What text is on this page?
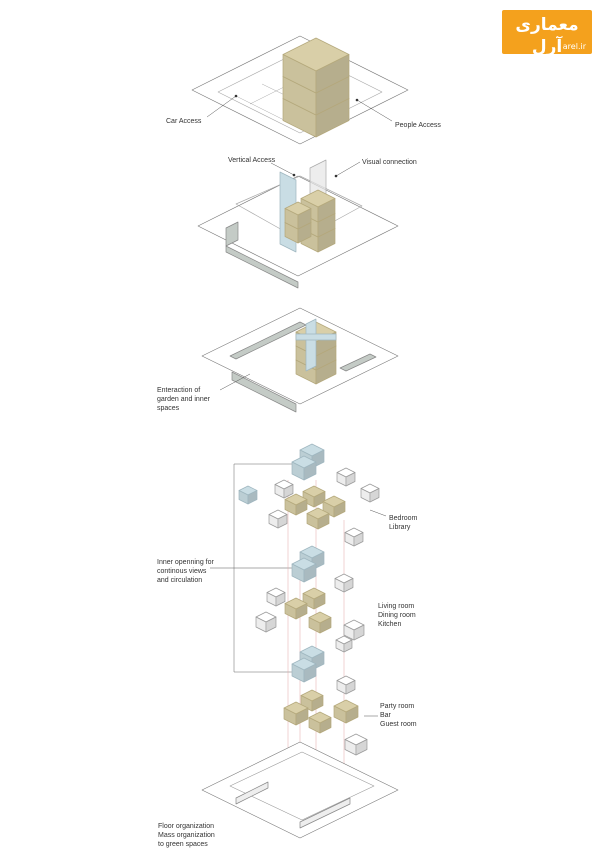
Car Access
People Access
Vertical Access	Visual connection
Enteraction of
garden and inner
spaces
Inner openning for
continous views
and circulation
Bedroom
Library
Living room
Dining room
Kitchen
Party room
Bar
Guest room
Floor organization
Mass organization
to green spaces
معماری آرل arel.ir
